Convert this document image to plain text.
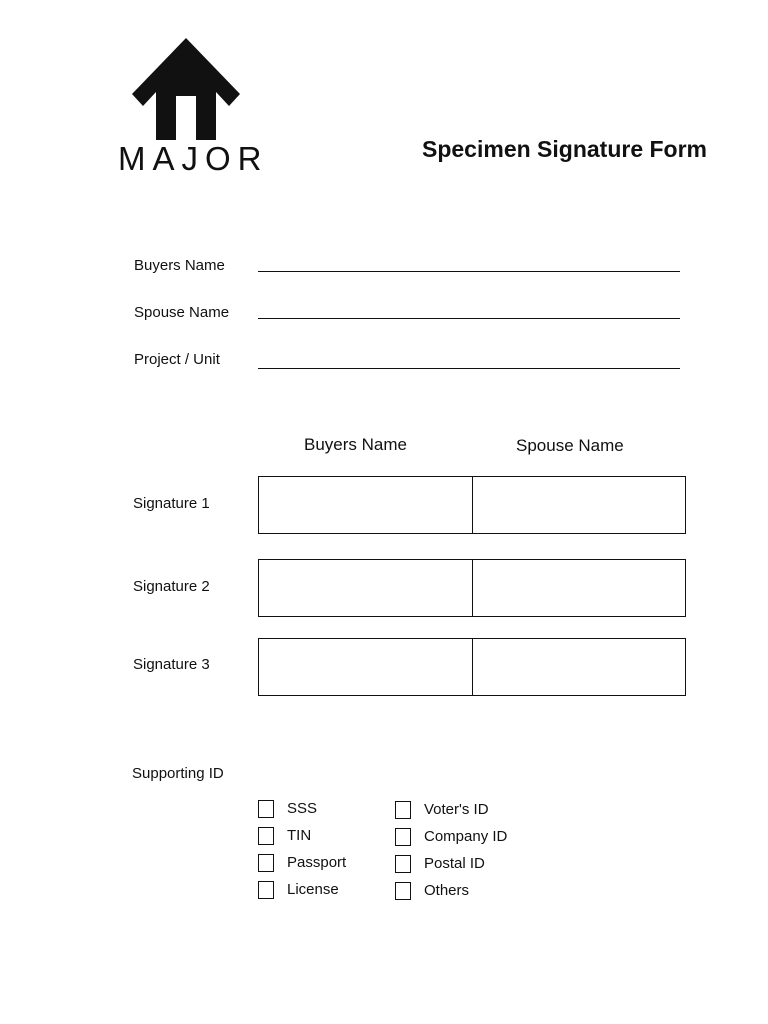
MAJOR	Specimen Signature Form
Buyers Name
Spouse Name
Project / Unit
Buyers Name	Spouse Name
Signature 1
Signature 2
Signature 3
Supporting ID
SSS
TIN
Passport
License
Voter's ID
Company ID
Postal ID
Others
